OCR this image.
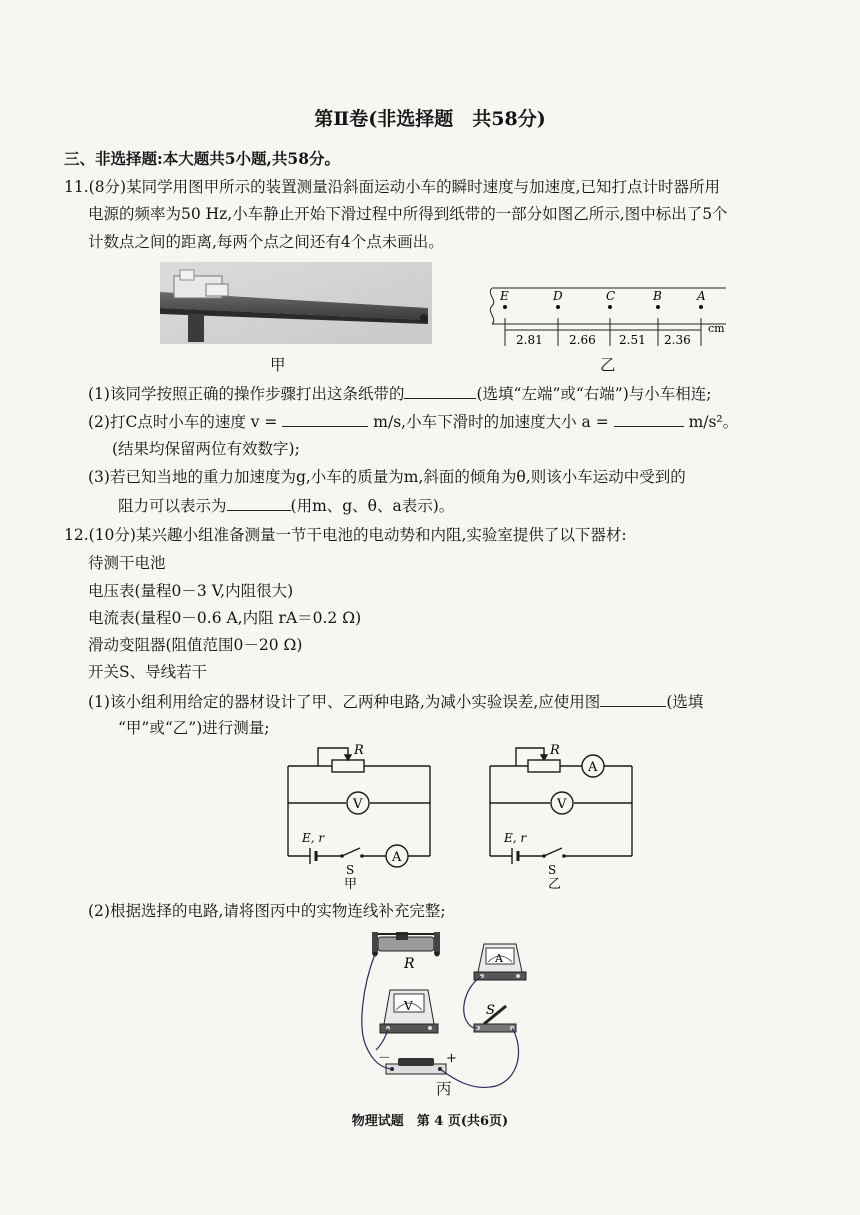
第Ⅱ卷(非选择题　共58分)
三、非选择题:本大题共5小题,共58分。
11.(8分)某同学用图甲所示的装置测量沿斜面运动小车的瞬时速度与加速度,已知打点计时器所用
电源的频率为50 Hz,小车静止开始下滑过程中所得到纸带的一部分如图乙所示,图中标出了5个
计数点之间的距离,每两个点之间还有4个点未画出。
甲
E	D	C	B	A
2.81 2.66 2.51 2.36
cm
乙
(1)该同学按照正确的操作步骤打出这条纸带的	(选填“左端”或“右端”)与小车相连;
(2)打C点时小车的速度 v =	m/s,小车下滑时的加速度大小 a =	m/s²。
(结果均保留两位有效数字);
(3)若已知当地的重力加速度为g,小车的质量为m,斜面的倾角为θ,则该小车运动中受到的
阻力可以表示为	(用m、g、θ、a表示)。
12.(10分)某兴趣小组准备测量一节干电池的电动势和内阻,实验室提供了以下器材:
待测干电池
电压表(量程0－3 V,内阻很大)
电流表(量程0－0.6 A,内阻 rA＝0.2 Ω)
滑动变阻器(阻值范围0－20 Ω)
开关S、导线若干
(1)该小组利用给定的器材设计了甲、乙两种电路,为减小实验误差,应使用图	(选填
“甲”或“乙”)进行测量;
R
V
A
E, r
S
甲
R
A
V
E, r
S
乙
(2)根据选择的电路,请将图丙中的实物连线补充完整;
R	A
V	S
－	+
丙
物理试题　第 4 页(共6页)
